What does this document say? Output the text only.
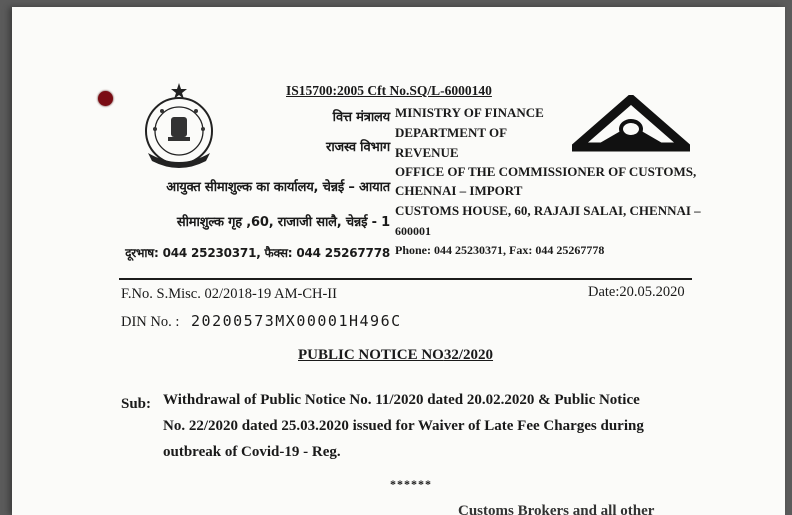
IS15700:2005 Cft No.SQ/L-6000140
वित्त मंत्रालय
राजस्व विभाग
आयुक्त सीमाशुल्क का कार्यालय, चेन्नई – आयात
सीमाशुल्क गृह ,60, राजाजी सालै, चेन्नई - 1
दूरभाष: 044 25230371, फैक्स: 044 25267778
MINISTRY OF FINANCE
DEPARTMENT OF
REVENUE
OFFICE OF THE COMMISSIONER OF CUSTOMS,
CHENNAI – IMPORT
CUSTOMS HOUSE, 60, RAJAJI SALAI, CHENNAI –
600001
Phone: 044 25230371, Fax: 044 25267778
F.No. S.Misc. 02/2018-19 AM-CH-II	Date:20.05.2020
DIN No. : 20200573MX00001H496C
PUBLIC NOTICE NO32/2020
Sub: Withdrawal of Public Notice No. 11/2020 dated 20.02.2020 & Public Notice
No. 22/2020 dated 25.03.2020 issued for Waiver of Late Fee Charges during
outbreak of Covid-19 - Reg.
******
Customs Brokers and all other
